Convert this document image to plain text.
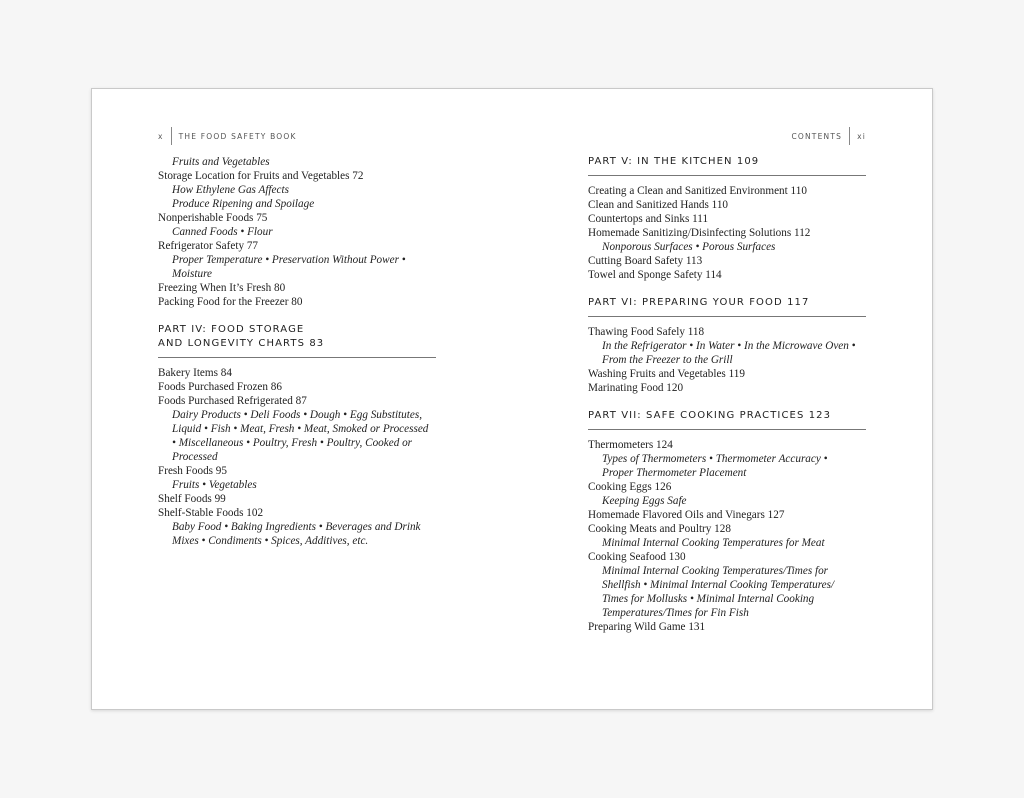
x THE FOOD SAFETY BOOK	CONTENTS xi
Fruits and Vegetables
Storage Location for Fruits and Vegetables 72
How Ethylene Gas Affects
Produce Ripening and Spoilage
Nonperishable Foods 75
Canned Foods • Flour
Refrigerator Safety 77
Proper Temperature • Preservation Without Power •
Moisture
Freezing When It’s Fresh 80
Packing Food for the Freezer 80
PART IV: FOOD STORAGE
AND LONGEVITY CHARTS 83
Bakery Items 84
Foods Purchased Frozen 86
Foods Purchased Refrigerated 87
Dairy Products • Deli Foods • Dough • Egg Substitutes,
Liquid • Fish • Meat, Fresh • Meat, Smoked or Processed
• Miscellaneous • Poultry, Fresh • Poultry, Cooked or
Processed
Fresh Foods 95
Fruits • Vegetables
Shelf Foods 99
Shelf-Stable Foods 102
Baby Food • Baking Ingredients • Beverages and Drink
Mixes • Condiments • Spices, Additives, etc.
PART V: IN THE KITCHEN 109
Creating a Clean and Sanitized Environment 110
Clean and Sanitized Hands 110
Countertops and Sinks 111
Homemade Sanitizing/Disinfecting Solutions 112
Nonporous Surfaces • Porous Surfaces
Cutting Board Safety 113
Towel and Sponge Safety 114
PART VI: PREPARING YOUR FOOD 117
Thawing Food Safely 118
In the Refrigerator • In Water • In the Microwave Oven •
From the Freezer to the Grill
Washing Fruits and Vegetables 119
Marinating Food 120
PART VII: SAFE COOKING PRACTICES 123
Thermometers 124
Types of Thermometers • Thermometer Accuracy •
Proper Thermometer Placement
Cooking Eggs 126
Keeping Eggs Safe
Homemade Flavored Oils and Vinegars 127
Cooking Meats and Poultry 128
Minimal Internal Cooking Temperatures for Meat
Cooking Seafood 130
Minimal Internal Cooking Temperatures/Times for
Shellfish • Minimal Internal Cooking Temperatures/
Times for Mollusks • Minimal Internal Cooking
Temperatures/Times for Fin Fish
Preparing Wild Game 131
